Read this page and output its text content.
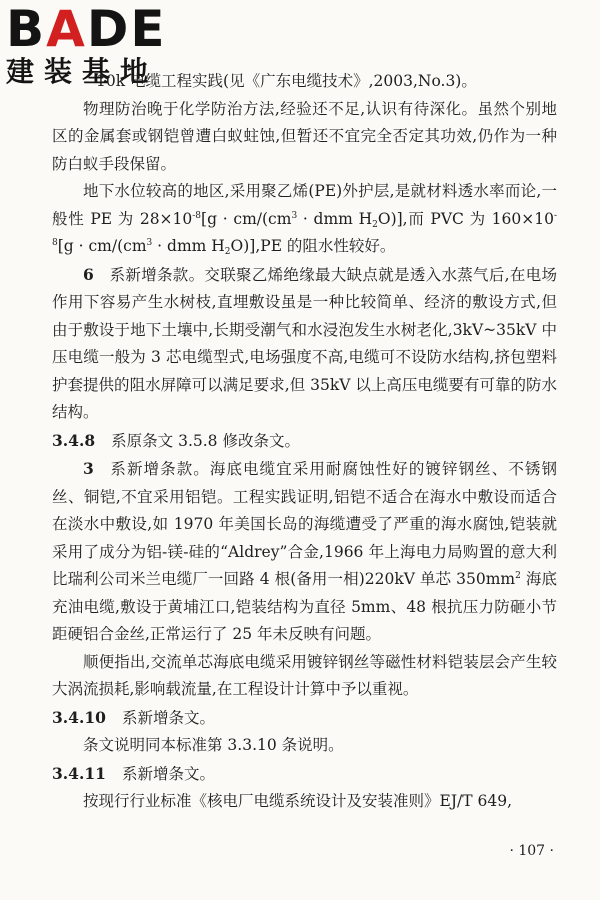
BADE
建装基地

10k 电缆工程实践(见《广东电缆技术》,2003,No.3)。

物理防治晚于化学防治方法,经验还不足,认识有待深化。虽然个别地区的金属套或钢铠曾遭白蚁蛀蚀,但暂还不宜完全否定其功效,仍作为一种防白蚁手段保留。

地下水位较高的地区,采用聚乙烯(PE)外护层,是就材料透水率而论,一般性 PE 为 $28\times 10^{-8}[g \cdot cm/(cm^3$ · dmm $H_2O$)],而 PVC 为 $160\times 10^{-8}[g \cdot cm/(cm^3$ · dmm $H_2O)],PE$ 的阻水性较好。

6  系新增条款。交联聚乙烯绝缘最大缺点就是透入水蒸气后,在电场作用下容易产生水树枝,直埋敷设虽是一种比较简单、经济的敷设方式,但由于敷设于地下土壤中,长期受潮气和水浸泡发生水树老化,3kV~35kV 中压电缆一般为 3 芯电缆型式,电场强度不高,电缆可不设防水结构,挤包塑料护套提供的阻水屏障可以满足要求,但 35kV 以上高压电缆要有可靠的防水结构。

3.4.8 系原条文 3.5.8 修改条文。

3  系新增条款。海底电缆宜采用耐腐蚀性好的镀锌钢丝、不锈钢丝、铜铠,不宜采用铝铠。工程实践证明,铝铠不适合在海水中敷设而适合在淡水中敷设,如 1970 年美国长岛的海缆遭受了严重的海水腐蚀,铠装就采用了成分为铝-镁-硅的“Aldrey”合金,1966 年上海电力局购置的意大利比瑞利公司米兰电缆厂一回路 4 根(备用一相)220kV 单芯 $350mm^2$ 海底充油电缆,敷设于黄埔江口,铠装结构为直径 5mm、48 根抗压力防砸小节距硬铝合金丝,正常运行了 25 年未反映有问题。

顺便指出,交流单芯海底电缆采用镀锌钢丝等磁性材料铠装层会产生较大涡流损耗,影响载流量,在工程设计计算中予以重视。

3.4.10 系新增条文。

条文说明同本标准第 3.3.10 条说明。

3.4.11 系新增条文。

按现行行业标准《核电厂电缆系统设计及安装准则》EJ/T 649,

· 107 ·
